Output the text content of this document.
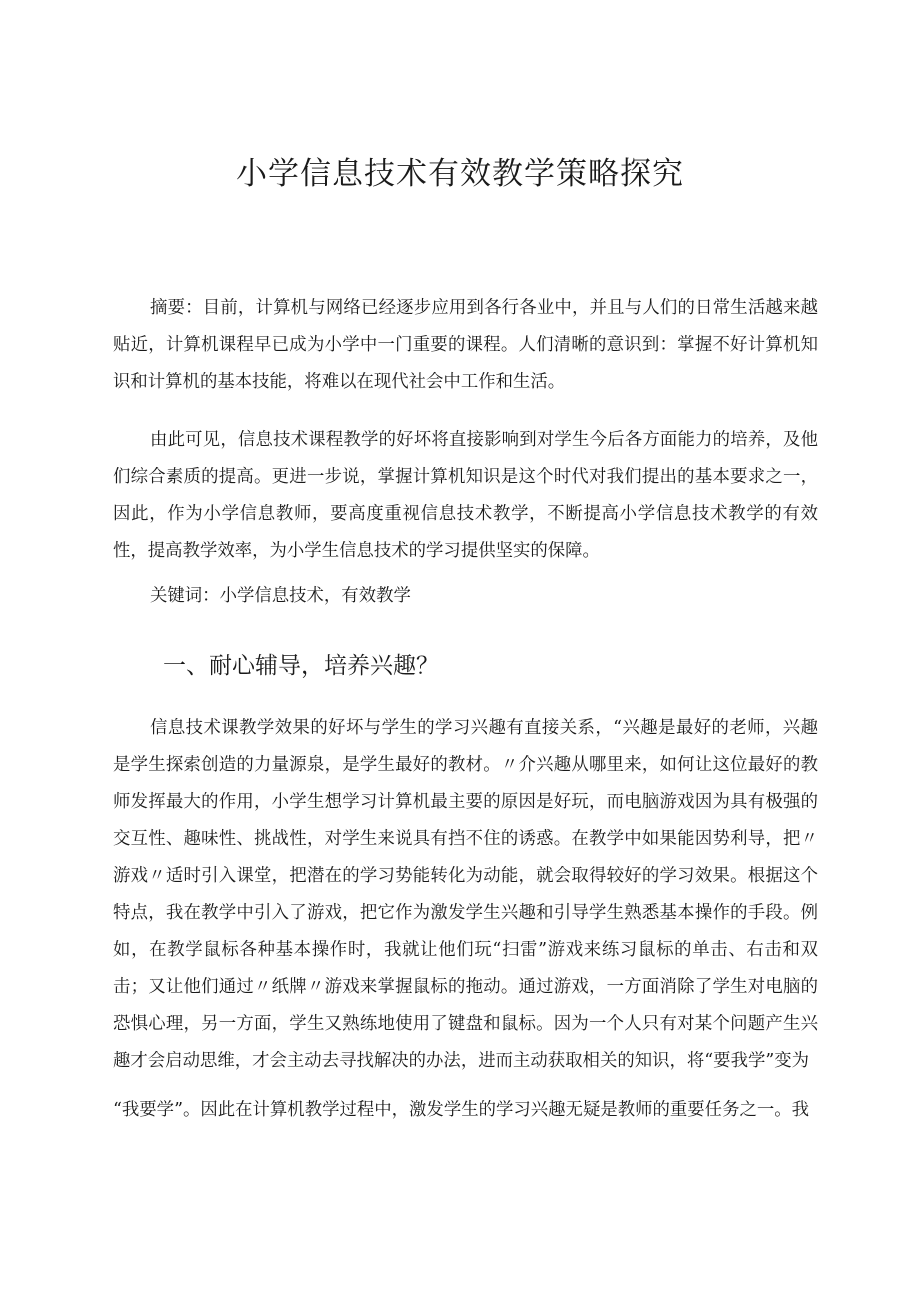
小学信息技术有效教学策略探究

摘要：目前，计算机与网络已经逐步应用到各行各业中，并且与人们的日常生活越来越贴近，计算机课程早已成为小学中一门重要的课程。人们清晰的意识到：掌握不好计算机知识和计算机的基本技能，将难以在现代社会中工作和生活。

由此可见，信息技术课程教学的好坏将直接影响到对学生今后各方面能力的培养，及他们综合素质的提高。更进一步说，掌握计算机知识是这个时代对我们提出的基本要求之一，因此，作为小学信息教师，要高度重视信息技术教学，不断提高小学信息技术教学的有效性，提高教学效率，为小学生信息技术的学习提供坚实的保障。

关键词：小学信息技术，有效教学

一、耐心辅导，培养兴趣？

信息技术课教学效果的好坏与学生的学习兴趣有直接关系，“兴趣是最好的老师，兴趣是学生探索创造的力量源泉，是学生最好的教材。〃介兴趣从哪里来，如何让这位最好的教师发挥最大的作用，小学生想学习计算机最主要的原因是好玩，而电脑游戏因为具有极强的交互性、趣味性、挑战性，对学生来说具有挡不住的诱惑。在教学中如果能因势利导，把〃游戏〃适时引入课堂，把潜在的学习势能转化为动能，就会取得较好的学习效果。根据这个特点，我在教学中引入了游戏，把它作为激发学生兴趣和引导学生熟悉基本操作的手段。例如，在教学鼠标各种基本操作时，我就让他们玩“扫雷”游戏来练习鼠标的单击、右击和双击；又让他们通过〃纸牌〃游戏来掌握鼠标的拖动。通过游戏，一方面消除了学生对电脑的恐惧心理，另一方面，学生又熟练地使用了键盘和鼠标。因为一个人只有对某个问题产生兴趣才会启动思维，才会主动去寻找解决的办法，进而主动获取相关的知识，将“要我学”变为

“我要学”。因此在计算机教学过程中，激发学生的学习兴趣无疑是教师的重要任务之一。我
